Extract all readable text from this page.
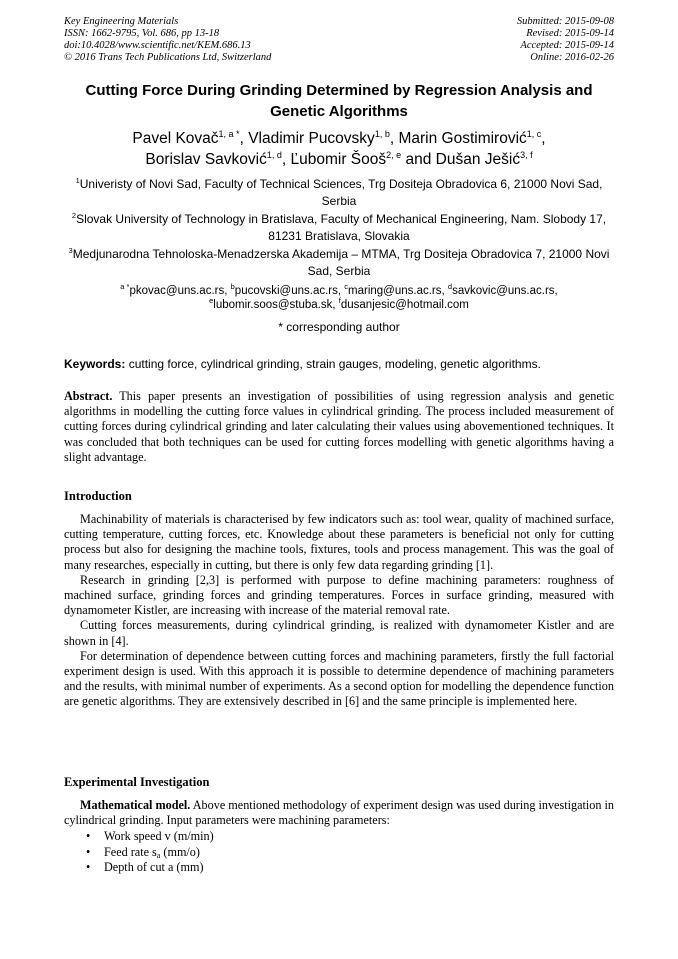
Key Engineering Materials
ISSN: 1662-9795, Vol. 686, pp 13-18
doi:10.4028/www.scientific.net/KEM.686.13
© 2016 Trans Tech Publications Ltd, Switzerland
Submitted: 2015-09-08
Revised: 2015-09-14
Accepted: 2015-09-14
Online: 2016-02-26
Cutting Force During Grinding Determined by Regression Analysis and Genetic Algorithms
Pavel Kovač$^{1, a *}$, Vladimir Pucovsky$^{1, b}$, Marin Gostimirović$^{1, c}$,
Borislav Savković$^{1, d}$, Ľubomir Šooš$^{2, e}$ and Dušan Ješić$^{3, f}$
$^1$Univeristy of Novi Sad, Faculty of Technical Sciences, Trg Dositeja Obradovica 6, 21000 Novi Sad, Serbia
$^2$Slovak University of Technology in Bratislava, Faculty of Mechanical Engineering, Nam. Slobody 17, 81231 Bratislava, Slovakia
$^3$Medjunarodna Tehnoloska-Menadzerska Akademija – MTMA, Trg Dositeja Obradovica 7, 21000 Novi Sad, Serbia
$^{a *}$pkovac@uns.ac.rs, $^b$pucovski@uns.ac.rs, $^c$maring@uns.ac.rs, $^d$savkovic@uns.ac.rs,
$^e$lubomir.soos@stuba.sk, $^f$dusanjesic@hotmail.com
* corresponding author
Keywords: cutting force, cylindrical grinding, strain gauges, modeling, genetic algorithms.
Abstract. This paper presents an investigation of possibilities of using regression analysis and genetic algorithms in modelling the cutting force values in cylindrical grinding. The process included measurement of cutting forces during cylindrical grinding and later calculating their values using abovementioned techniques. It was concluded that both techniques can be used for cutting forces modelling with genetic algorithms having a slight advantage.
Introduction

Machinability of materials is characterised by few indicators such as: tool wear, quality of machined surface, cutting temperature, cutting forces, etc. Knowledge about these parameters is beneficial not only for cutting process but also for designing the machine tools, fixtures, tools and process management. This was the goal of many researches, especially in cutting, but there is only few data regarding grinding [1].

Research in grinding [2,3] is performed with purpose to define machining parameters: roughness of machined surface, grinding forces and grinding temperatures. Forces in surface grinding, measured with dynamometer Kistler, are increasing with increase of the material removal rate.

Cutting forces measurements, during cylindrical grinding, is realized with dynamometer Kistler and are shown in [4].

For determination of dependence between cutting forces and machining parameters, firstly the full factorial experiment design is used. With this approach it is possible to determine dependence of machining parameters and the results, with minimal number of experiments. As a second option for modelling the dependence function are genetic algorithms. They are extensively described in [6] and the same principle is implemented here.

Experimental Investigation

Mathematical model. Above mentioned methodology of experiment design was used during investigation in cylindrical grinding. Input parameters were machining parameters:

• Work speed v (m/min)
• Feed rate $s_a$ (mm/o)
• Depth of cut a (mm)
